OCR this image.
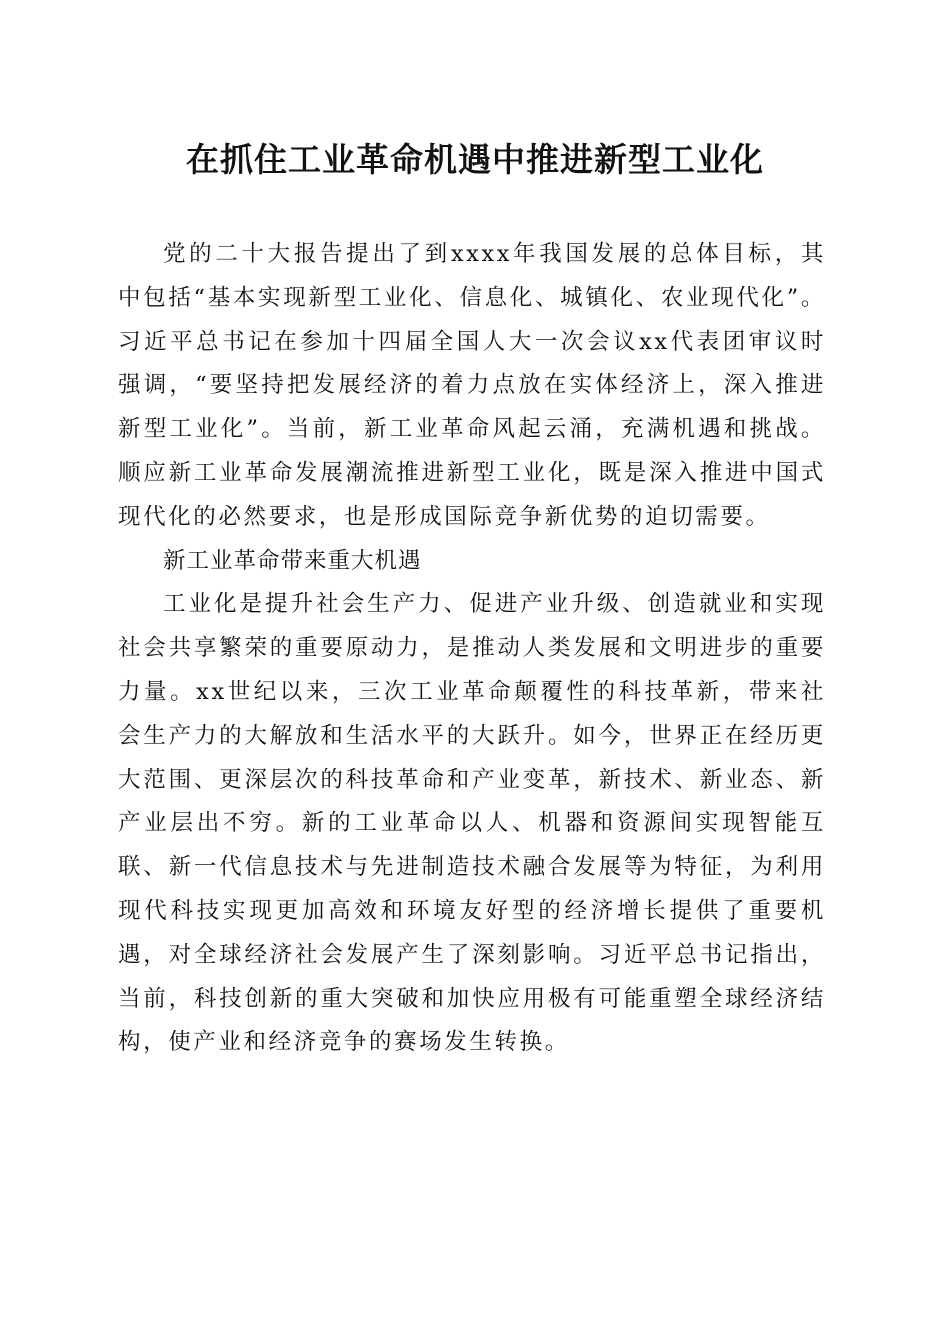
在抓住工业革命机遇中推进新型工业化

党的二十大报告提出了到xxxx年我国发展的总体目标，其中包括“基本实现新型工业化、信息化、城镇化、农业现代化”。习近平总书记在参加十四届全国人大一次会议xx代表团审议时强调，“要坚持把发展经济的着力点放在实体经济上，深入推进新型工业化”。当前，新工业革命风起云涌，充满机遇和挑战。顺应新工业革命发展潮流推进新型工业化，既是深入推进中国式现代化的必然要求，也是形成国际竞争新优势的迫切需要。

新工业革命带来重大机遇

工业化是提升社会生产力、促进产业升级、创造就业和实现社会共享繁荣的重要原动力，是推动人类发展和文明进步的重要力量。xx世纪以来，三次工业革命颠覆性的科技革新，带来社会生产力的大解放和生活水平的大跃升。如今，世界正在经历更大范围、更深层次的科技革命和产业变革，新技术、新业态、新产业层出不穷。新的工业革命以人、机器和资源间实现智能互联、新一代信息技术与先进制造技术融合发展等为特征，为利用现代科技实现更加高效和环境友好型的经济增长提供了重要机遇，对全球经济社会发展产生了深刻影响。习近平总书记指出，当前，科技创新的重大突破和加快应用极有可能重塑全球经济结构，使产业和经济竞争的赛场发生转换。
